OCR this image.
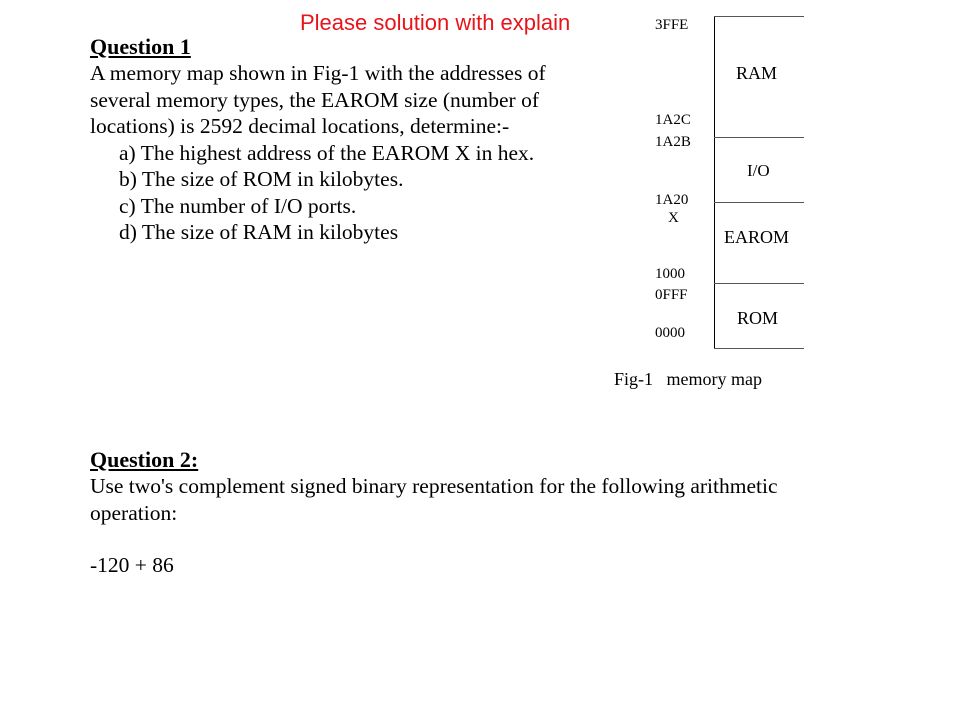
Please solution with explain
Question 1
A memory map shown in Fig-1 with the addresses of
several memory types, the EAROM size (number of
locations) is 2592 decimal locations, determine:-
a) The highest address of the EAROM X in hex.
b) The size of ROM in kilobytes.
c) The number of I/O ports.
d) The size of RAM in kilobytes
3FFE
1A2C
1A2B
1A20
X
1000
0FFF
0000
RAM
I/O
EAROM
ROM
Fig-1   memory map
Question 2:
Use two's complement signed binary representation for the following arithmetic
operation:
-120 + 86
